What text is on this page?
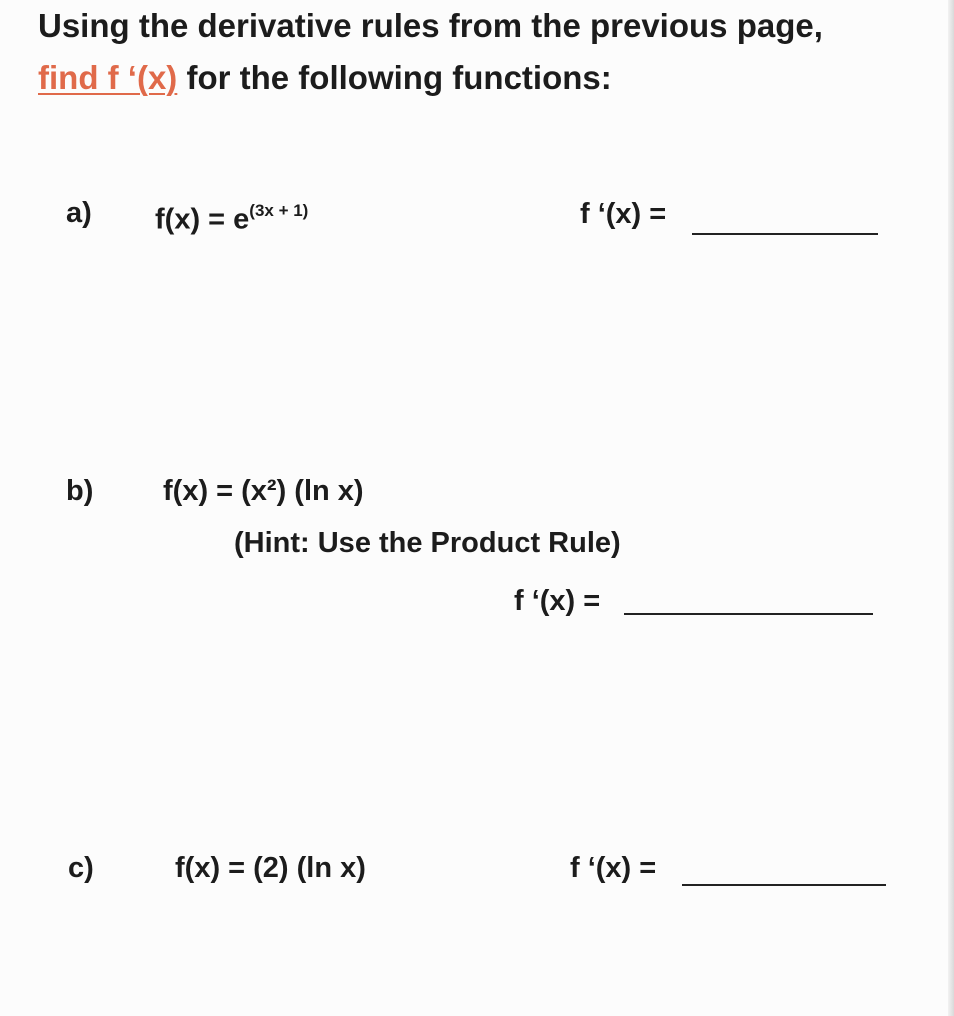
Using the derivative rules from the previous page,
find f ‘(x) for the following functions:
a) $f(x) = e^{(3x + 1)}$	f ‘(x) =
b) f(x) = (x²) (ln x)
(Hint: Use the Product Rule)
f ‘(x) =
c)	f(x) = (2) (ln x)	f ‘(x) =
